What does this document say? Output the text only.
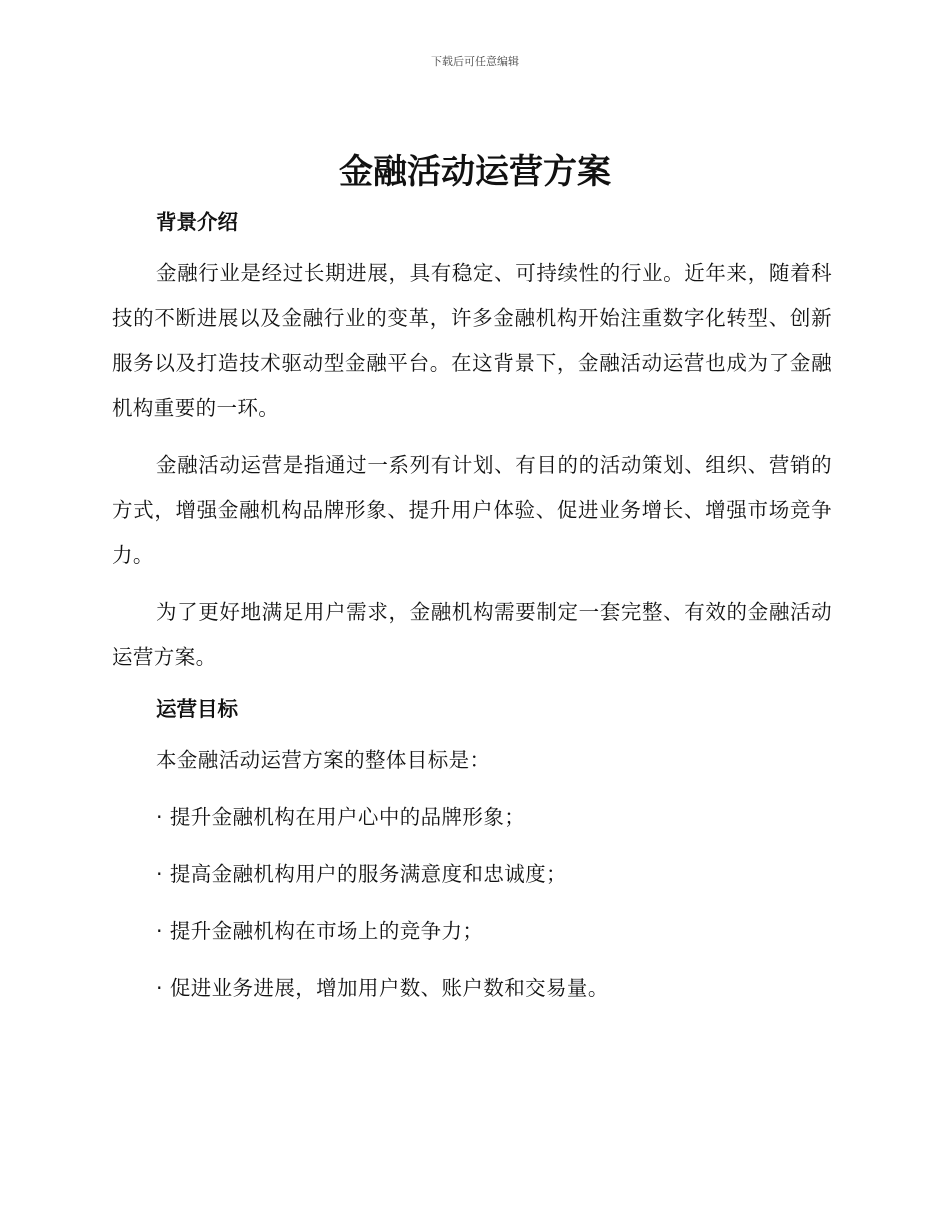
下载后可任意编辑
金融活动运营方案
背景介绍

金融行业是经过长期进展，具有稳定、可持续性的行业。近年来，随着科技的不断进展以及金融行业的变革，许多金融机构开始注重数字化转型、创新服务以及打造技术驱动型金融平台。在这背景下，金融活动运营也成为了金融机构重要的一环。

金融活动运营是指通过一系列有计划、有目的的活动策划、组织、营销的方式，增强金融机构品牌形象、提升用户体验、促进业务增长、增强市场竞争力。

为了更好地满足用户需求，金融机构需要制定一套完整、有效的金融活动运营方案。

运营目标

本金融活动运营方案的整体目标是：

· 提升金融机构在用户心中的品牌形象；

· 提高金融机构用户的服务满意度和忠诚度；

· 提升金融机构在市场上的竞争力；

· 促进业务进展，增加用户数、账户数和交易量。
